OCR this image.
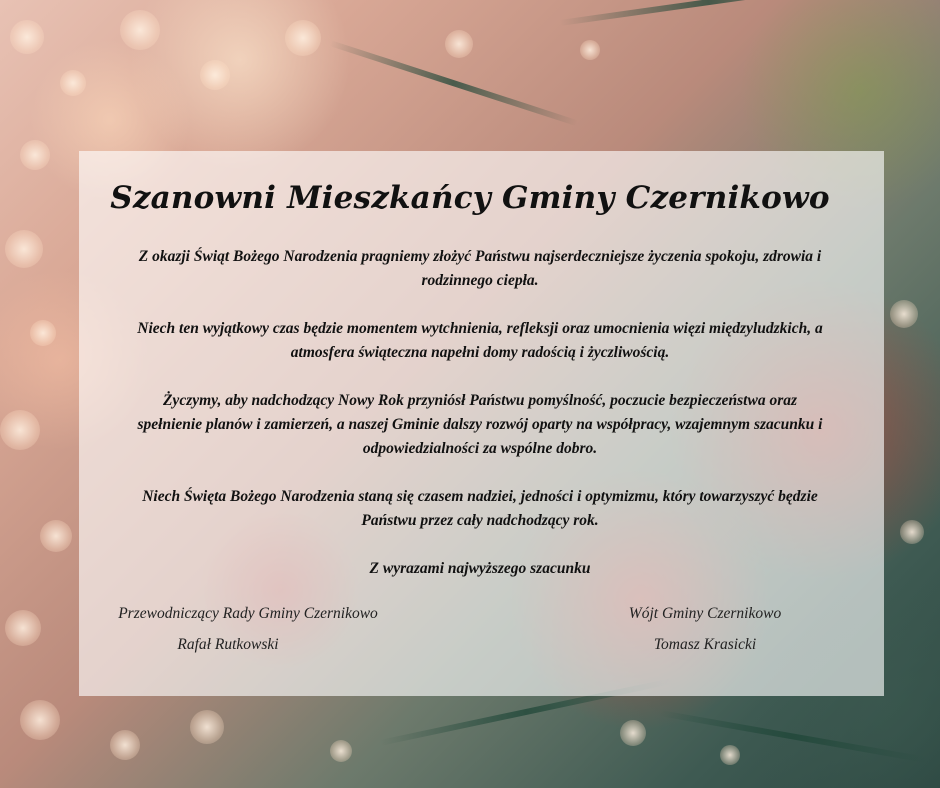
Szanowni Mieszkańcy Gminy Czernikowo

Z okazji Świąt Bożego Narodzenia pragniemy złożyć Państwu najserdeczniejsze życzenia spokoju, zdrowia i rodzinnego ciepła.

Niech ten wyjątkowy czas będzie momentem wytchnienia, refleksji oraz umocnienia więzi międzyludzkich, a atmosfera świąteczna napełni domy radością i życzliwością.

Życzymy, aby nadchodzący Nowy Rok przyniósł Państwu pomyślność, poczucie bezpieczeństwa oraz spełnienie planów i zamierzeń, a naszej Gminie dalszy rozwój oparty na współpracy, wzajemnym szacunku i odpowiedzialności za wspólne dobro.

Niech Święta Bożego Narodzenia staną się czasem nadziei, jedności i optymizmu, który towarzyszyć będzie Państwu przez cały nadchodzący rok.

Z wyrazami najwyższego szacunku

Przewodniczący Rady Gminy Czernikowo

Rafał Rutkowski

Wójt Gminy Czernikowo

Tomasz Krasicki
